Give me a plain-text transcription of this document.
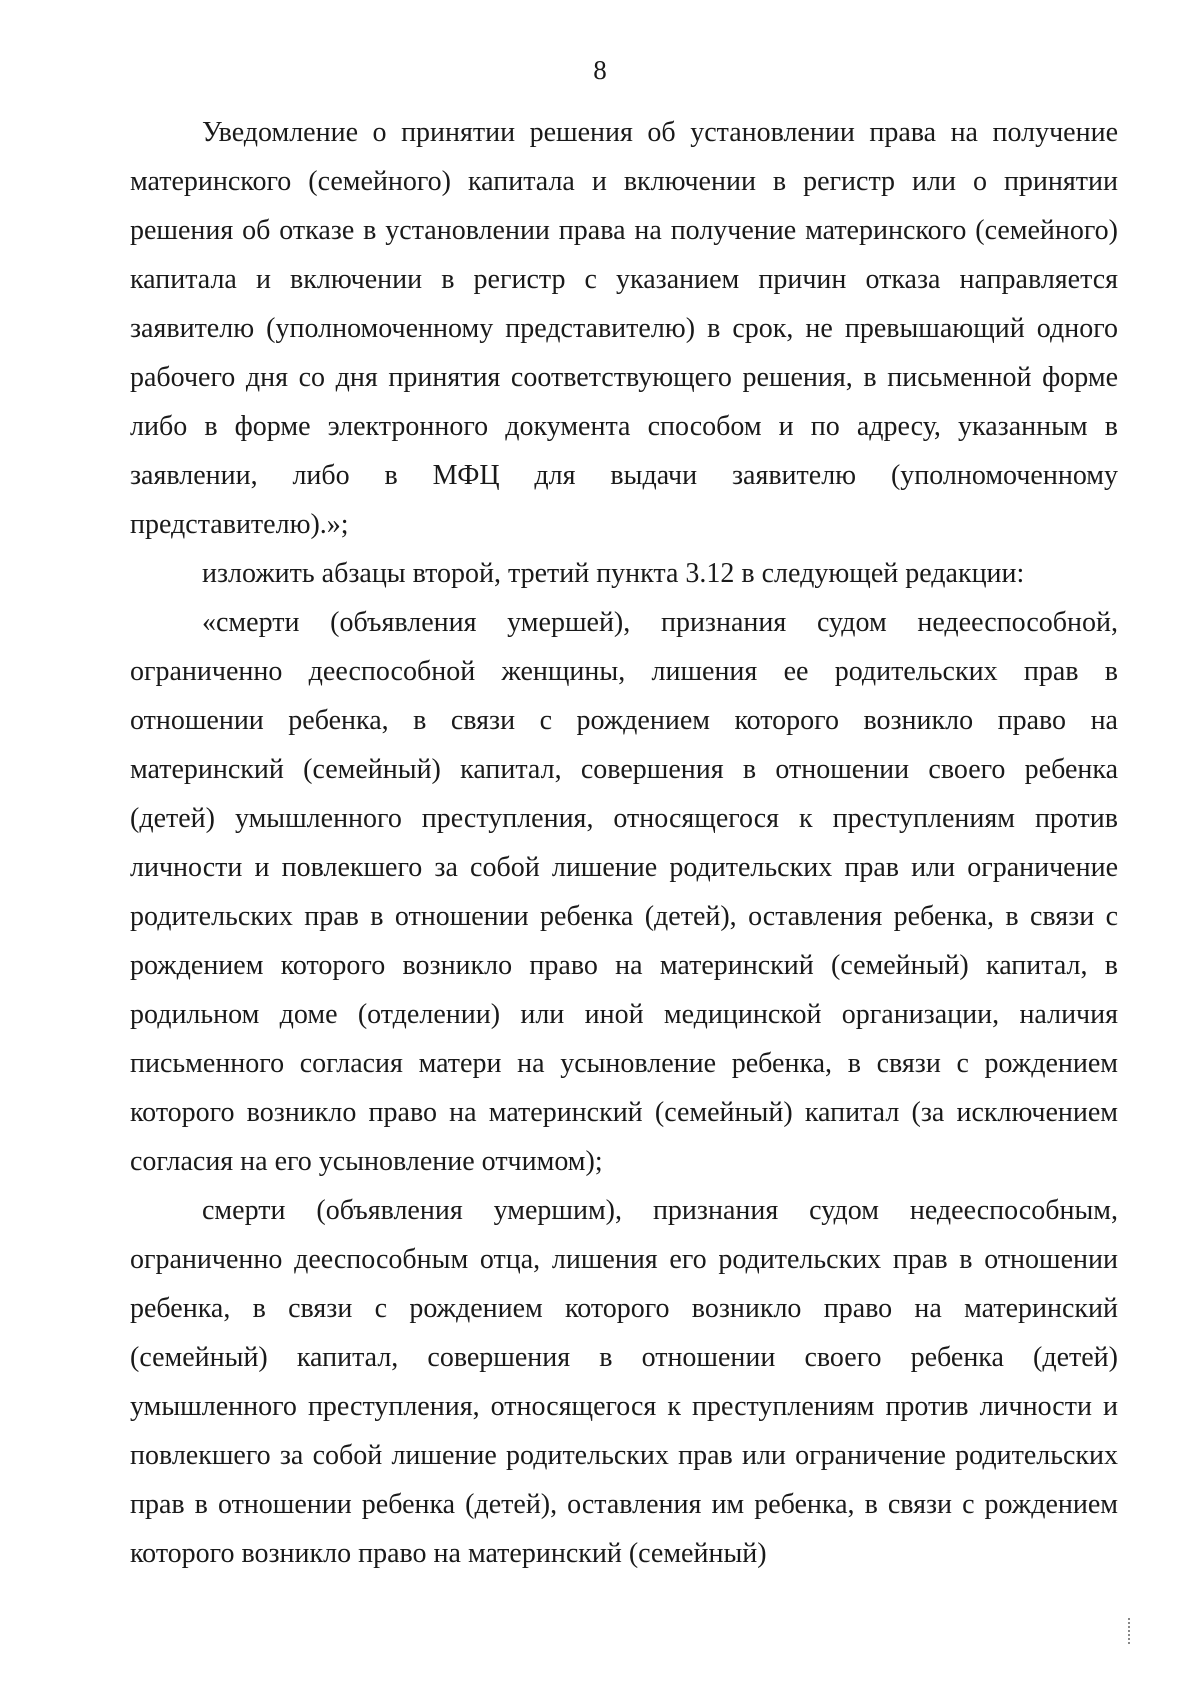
8

Уведомление о принятии решения об установлении права на получение материнского (семейного) капитала и включении в регистр или о принятии решения об отказе в установлении права на получение материнского (семейного) капитала и включении в регистр с указанием причин отказа направляется заявителю (уполномоченному представителю) в срок, не превышающий одного рабочего дня со дня принятия соответствующего решения, в письменной форме либо в форме электронного документа способом и по адресу, указанным в заявлении, либо в МФЦ для выдачи заявителю (уполномоченному представителю).»;

изложить абзацы второй, третий пункта 3.12 в следующей редакции:

«смерти (объявления умершей), признания судом недееспособной, ограниченно дееспособной женщины, лишения ее родительских прав в отношении ребенка, в связи с рождением которого возникло право на материнский (семейный) капитал, совершения в отношении своего ребенка (детей) умышленного преступления, относящегося к преступлениям против личности и повлекшего за собой лишение родительских прав или ограничение родительских прав в отношении ребенка (детей), оставления ребенка, в связи с рождением которого возникло право на материнский (семейный) капитал, в родильном доме (отделении) или иной медицинской организации, наличия письменного согласия матери на усыновление ребенка, в связи с рождением которого возникло право на материнский (семейный) капитал (за исключением согласия на его усыновление отчимом);

смерти (объявления умершим), признания судом недееспособным, ограниченно дееспособным отца, лишения его родительских прав в отношении ребенка, в связи с рождением которого возникло право на материнский (семейный) капитал, совершения в отношении своего ребенка (детей) умышленного преступления, относящегося к преступлениям против личности и повлекшего за собой лишение родительских прав или ограничение родительских прав в отношении ребенка (детей), оставления им ребенка, в связи с рождением которого возникло право на материнский (семейный)
